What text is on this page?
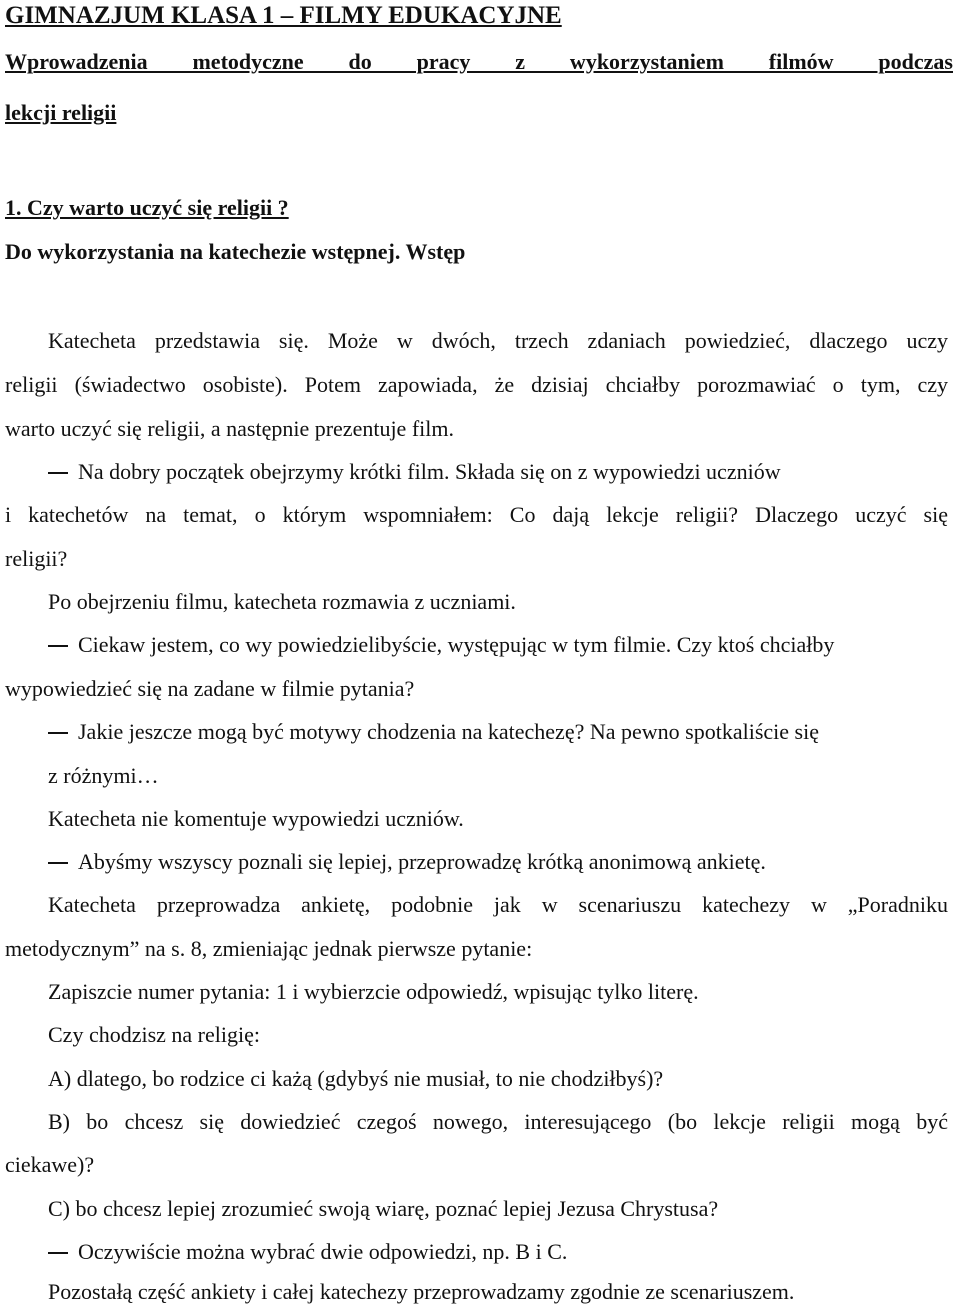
GIMNAZJUM KLASA 1 – FILMY EDUKACYJNE
Wprowadzenia metodyczne do pracy z wykorzystaniem filmów podczas
lekcji religii
1. Czy warto uczyć się religii ?
Do wykorzystania na katechezie wstępnej. Wstęp
Katecheta przedstawia się. Może w dwóch, trzech zdaniach powiedzieć, dlaczego uczy
religii (świadectwo osobiste). Potem zapowiada, że dzisiaj chciałby porozmawiać o tym, czy
warto uczyć się religii, a następnie prezentuje film.
Na dobry początek obejrzymy krótki film. Składa się on z wypowiedzi uczniów
i katechetów na temat, o którym wspomniałem: Co dają lekcje religii? Dlaczego uczyć się
religii?
Po obejrzeniu filmu, katecheta rozmawia z uczniami.
Ciekaw jestem, co wy powiedzielibyście, występując w tym filmie. Czy ktoś chciałby
wypowiedzieć się na zadane w filmie pytania?
Jakie jeszcze mogą być motywy chodzenia na katechezę? Na pewno spotkaliście się
z różnymi…
Katecheta nie komentuje wypowiedzi uczniów.
Abyśmy wszyscy poznali się lepiej, przeprowadzę krótką anonimową ankietę.
Katecheta przeprowadza ankietę, podobnie jak w scenariuszu katechezy w „Poradniku
metodycznym” na s. 8, zmieniając jednak pierwsze pytanie:
Zapiszcie numer pytania: 1 i wybierzcie odpowiedź, wpisując tylko literę.
Czy chodzisz na religię:
A) dlatego, bo rodzice ci każą (gdybyś nie musiał, to nie chodziłbyś)?
B) bo chcesz się dowiedzieć czegoś nowego, interesującego (bo lekcje religii mogą być
ciekawe)?
C) bo chcesz lepiej zrozumieć swoją wiarę, poznać lepiej Jezusa Chrystusa?
Oczywiście można wybrać dwie odpowiedzi, np. B i C.
Pozostałą część ankiety i całej katechezy przeprowadzamy zgodnie ze scenariuszem.
